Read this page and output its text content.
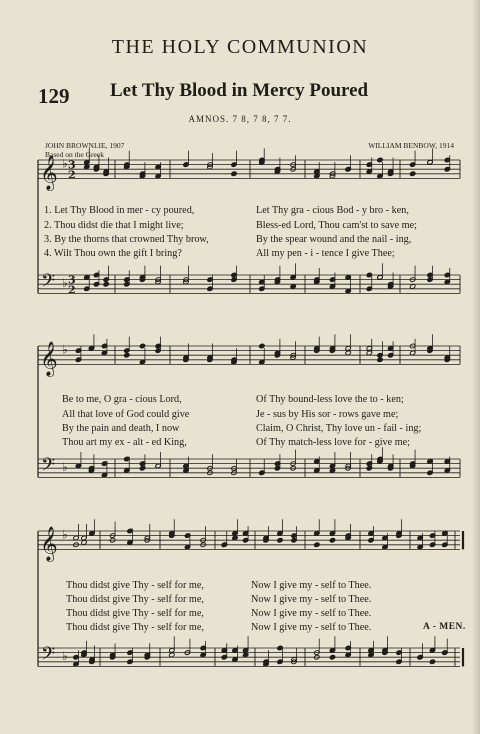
THE HOLY COMMUNION
129 Let Thy Blood in Mercy Poured
AMNOS. 7 8, 7 8, 7 7.
JOHN BROWNLIE, 1907
Based on the Greek
WILLIAM BENBOW, 1914
1. Let Thy Blood in mer - cy poured,	Let Thy gra - cious Bod - y bro - ken,
2. Thou didst die that I might live;	Bless-ed Lord, Thou cam'st to save me;
3. By the thorns that crowned Thy brow,	By the spear wound and the nail - ing,
4. Wilt Thou own the gift I bring?	All my pen - i - tence I give Thee;
Be to me, O gra - cious Lord,	Of Thy bound-less love the to - ken;
All that love of God could give	Je - sus by His sor - rows gave me;
By the pain and death, I now	Claim, O Christ, Thy love un - fail - ing;
Thou art my ex - alt - ed King,	Of Thy match-less love for - give me;
Thou didst give Thy - self for me,	Now I give my - self to Thee.
Thou didst give Thy - self for me,	Now I give my - self to Thee.
Thou didst give Thy - self for me,	Now I give my - self to Thee.
Thou didst give Thy - self for me,	Now I give my - self to Thee.	A - MEN.
𝄞
𝄢
♭
♭
3
2
3
2
𝄞
𝄢
♭
♭
𝄞
𝄢
♭
♭
